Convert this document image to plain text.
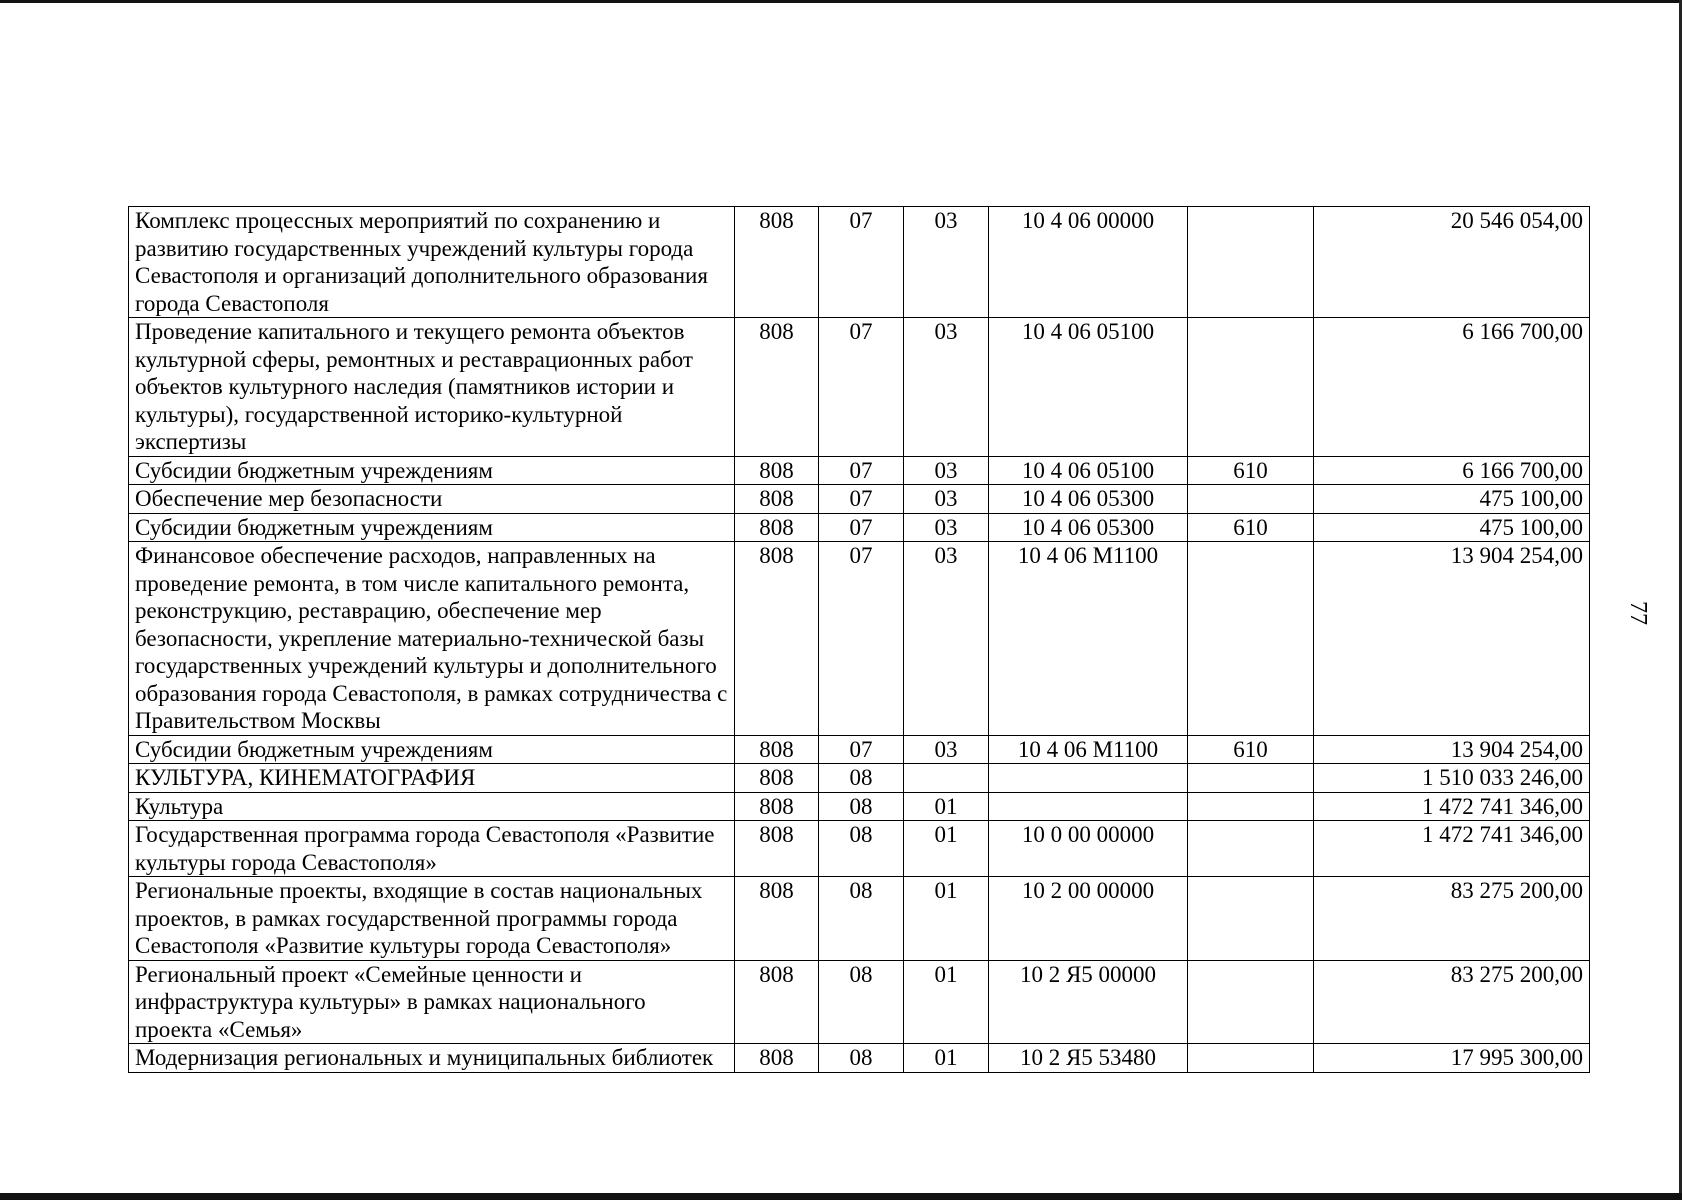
77
Комплекс процессных мероприятий по сохранению и развитию государственных учреждений культуры города Севастополя и организаций дополнительного образования города Севастополя	808	07	03	10 4 06 00000		20 546 054,00
Проведение капитального и текущего ремонта объектов культурной сферы, ремонтных и реставрационных работ объектов культурного наследия (памятников истории и культуры), государственной историко-культурной экспертизы	808	07	03	10 4 06 05100		6 166 700,00
Субсидии бюджетным учреждениям	808	07	03	10 4 06 05100	610	6 166 700,00
Обеспечение мер безопасности	808	07	03	10 4 06 05300		475 100,00
Субсидии бюджетным учреждениям	808	07	03	10 4 06 05300	610	475 100,00
Финансовое обеспечение расходов, направленных на проведение ремонта, в том числе капитального ремонта, реконструкцию, реставрацию, обеспечение мер безопасности, укрепление материально-технической базы государственных учреждений культуры и дополнительного образования города Севастополя, в рамках сотрудничества с Правительством Москвы	808	07	03	10 4 06 M1100		13 904 254,00
Субсидии бюджетным учреждениям	808	07	03	10 4 06 M1100	610	13 904 254,00
КУЛЬТУРА, КИНЕМАТОГРАФИЯ	808	08				1 510 033 246,00
Культура	808	08	01			1 472 741 346,00
Государственная программа города Севастополя «Развитие культуры города Севастополя»	808	08	01	10 0 00 00000		1 472 741 346,00
Региональные проекты, входящие в состав национальных проектов, в рамках государственной программы города Севастополя «Развитие культуры города Севастополя»	808	08	01	10 2 00 00000		83 275 200,00
Региональный проект «Семейные ценности и инфраструктура культуры» в рамках национального проекта «Семья»	808	08	01	10 2 Я5 00000		83 275 200,00
Модернизация региональных и муниципальных библиотек	808	08	01	10 2 Я5 53480		17 995 300,00
